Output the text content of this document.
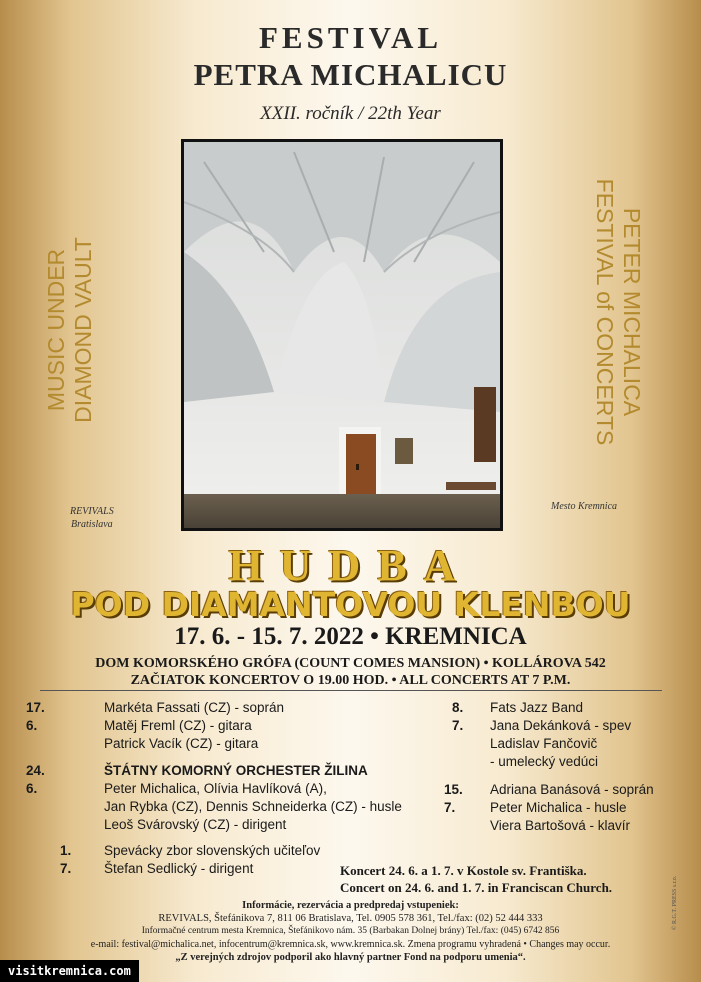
FESTIVAL
PETRA MICHALICU
XXII. ročník / 22th Year
MUSIC UNDER DIAMOND VAULT	PETER MICHALICA
FESTIVAL of CONCERTS
REVIVALS
Bratislava
Mesto Kremnica
HUDBA
POD DIAMANTOVOU KLENBOU
17. 6. - 15. 7. 2022 • KREMNICA
DOM KOMORSKÉHO GRÓFA (COUNT COMES MANSION) • KOLLÁROVA 542
ZAČIATOK KONCERTOV O 19.00 HOD. • ALL CONCERTS AT 7 P.M.
17. 6.
Markéta Fassati (CZ) - soprán
Matěj Freml (CZ) - gitara
Patrick Vacík (CZ) - gitara
24. 6.
ŠTÁTNY KOMORNÝ ORCHESTER ŽILINA
Peter Michalica, Olívia Havlíková (A),
Jan Rybka (CZ), Dennis Schneiderka (CZ) - husle
Leoš Svárovský (CZ) - dirigent
1. 7.
Spevácky zbor slovenských učiteľov
Štefan Sedlický - dirigent
8. 7.
Fats Jazz Band
Jana Dekánková - spev
Ladislav Fančovič
- umelecký vedúci
15. 7.
Adriana Banásová - soprán
Peter Michalica - husle
Viera Bartošová - klavír
Koncert 24. 6. a 1. 7. v Kostole sv. Františka.
Concert on 24. 6. and 1. 7. in Franciscan Church.
Informácie, rezervácia a predpredaj vstupeniek:
REVIVALS, Štefánikova 7, 811 06 Bratislava, Tel. 0905 578 361, Tel./fax: (02) 52 444 333
Informačné centrum mesta Kremnica, Štefánikovo nám. 35 (Barbakan Dolnej brány) Tel./fax: (045) 6742 856
e-mail: festival@michalica.net, infocentrum@kremnica.sk, www.kremnica.sk. Zmena programu vyhradená • Changes may occur.
„Z verejných zdrojov podporil ako hlavný partner Fond na podporu umenia“.
© R.G.T. PRESS s.r.o.
visitkremnica.com
